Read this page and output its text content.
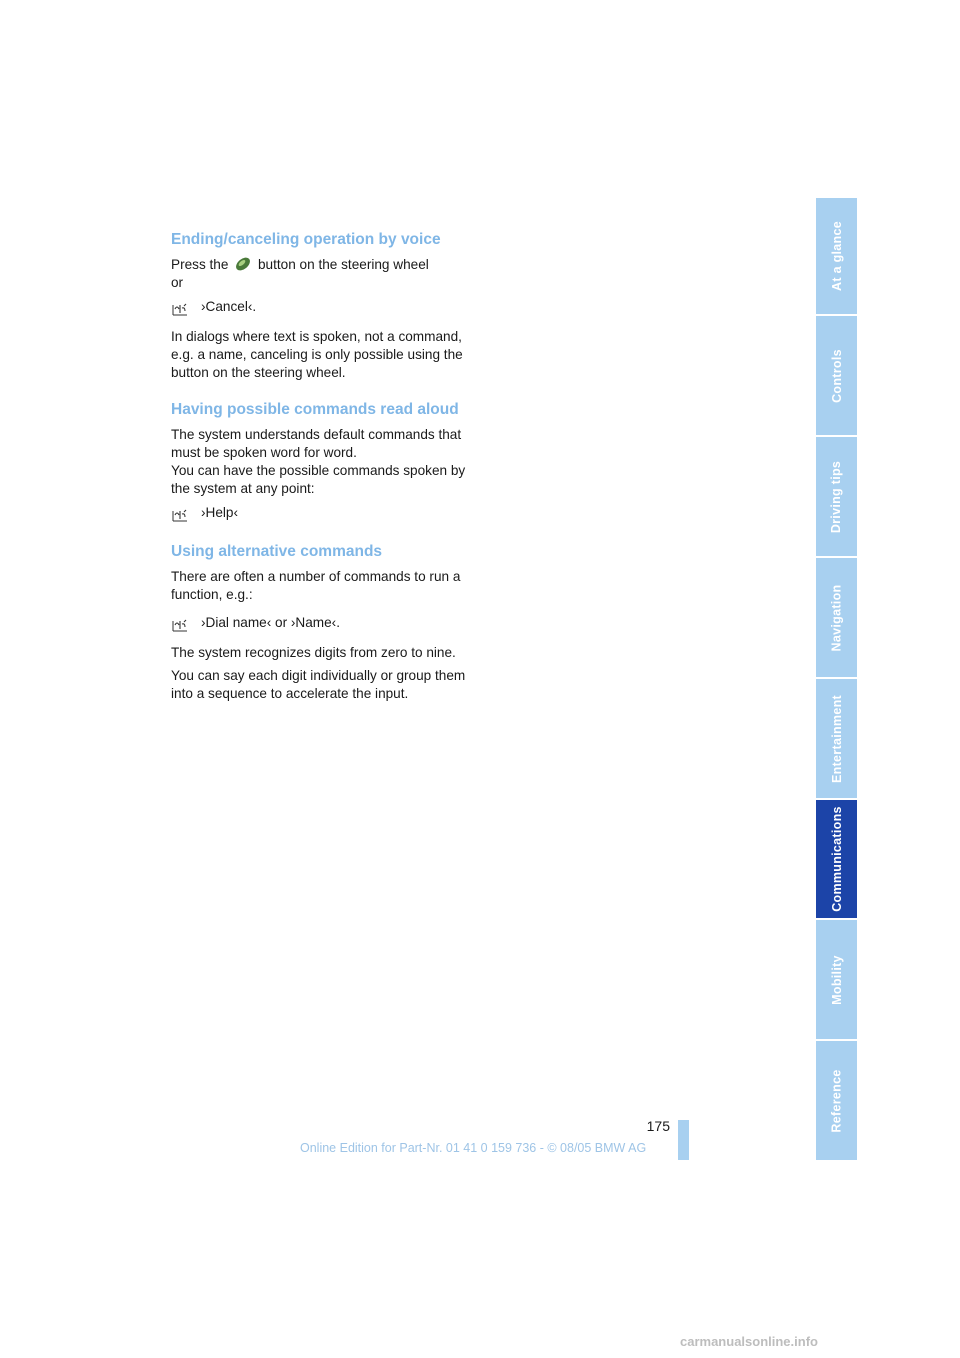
Ending/canceling operation by voice

Press the button on the steering wheel

or

›Cancel‹.

In dialogs where text is spoken, not a command, e.g. a name, canceling is only possible using the button on the steering wheel.

Having possible commands read aloud

The system understands default commands that must be spoken word for word.

You can have the possible commands spoken by the system at any point:

›Help‹
Using alternative commands

There are often a number of commands to run a function, e.g.:

›Dial name‹ or ›Name‹.

The system recognizes digits from zero to nine.

You can say each digit individually or group them into a sequence to accelerate the input.

At a glance
Controls
Driving tips
Navigation
Entertainment
Communications
Mobility
Reference
175
Online Edition for Part-Nr. 01 41 0 159 736 - © 08/05 BMW AG
carmanualsonline.info
